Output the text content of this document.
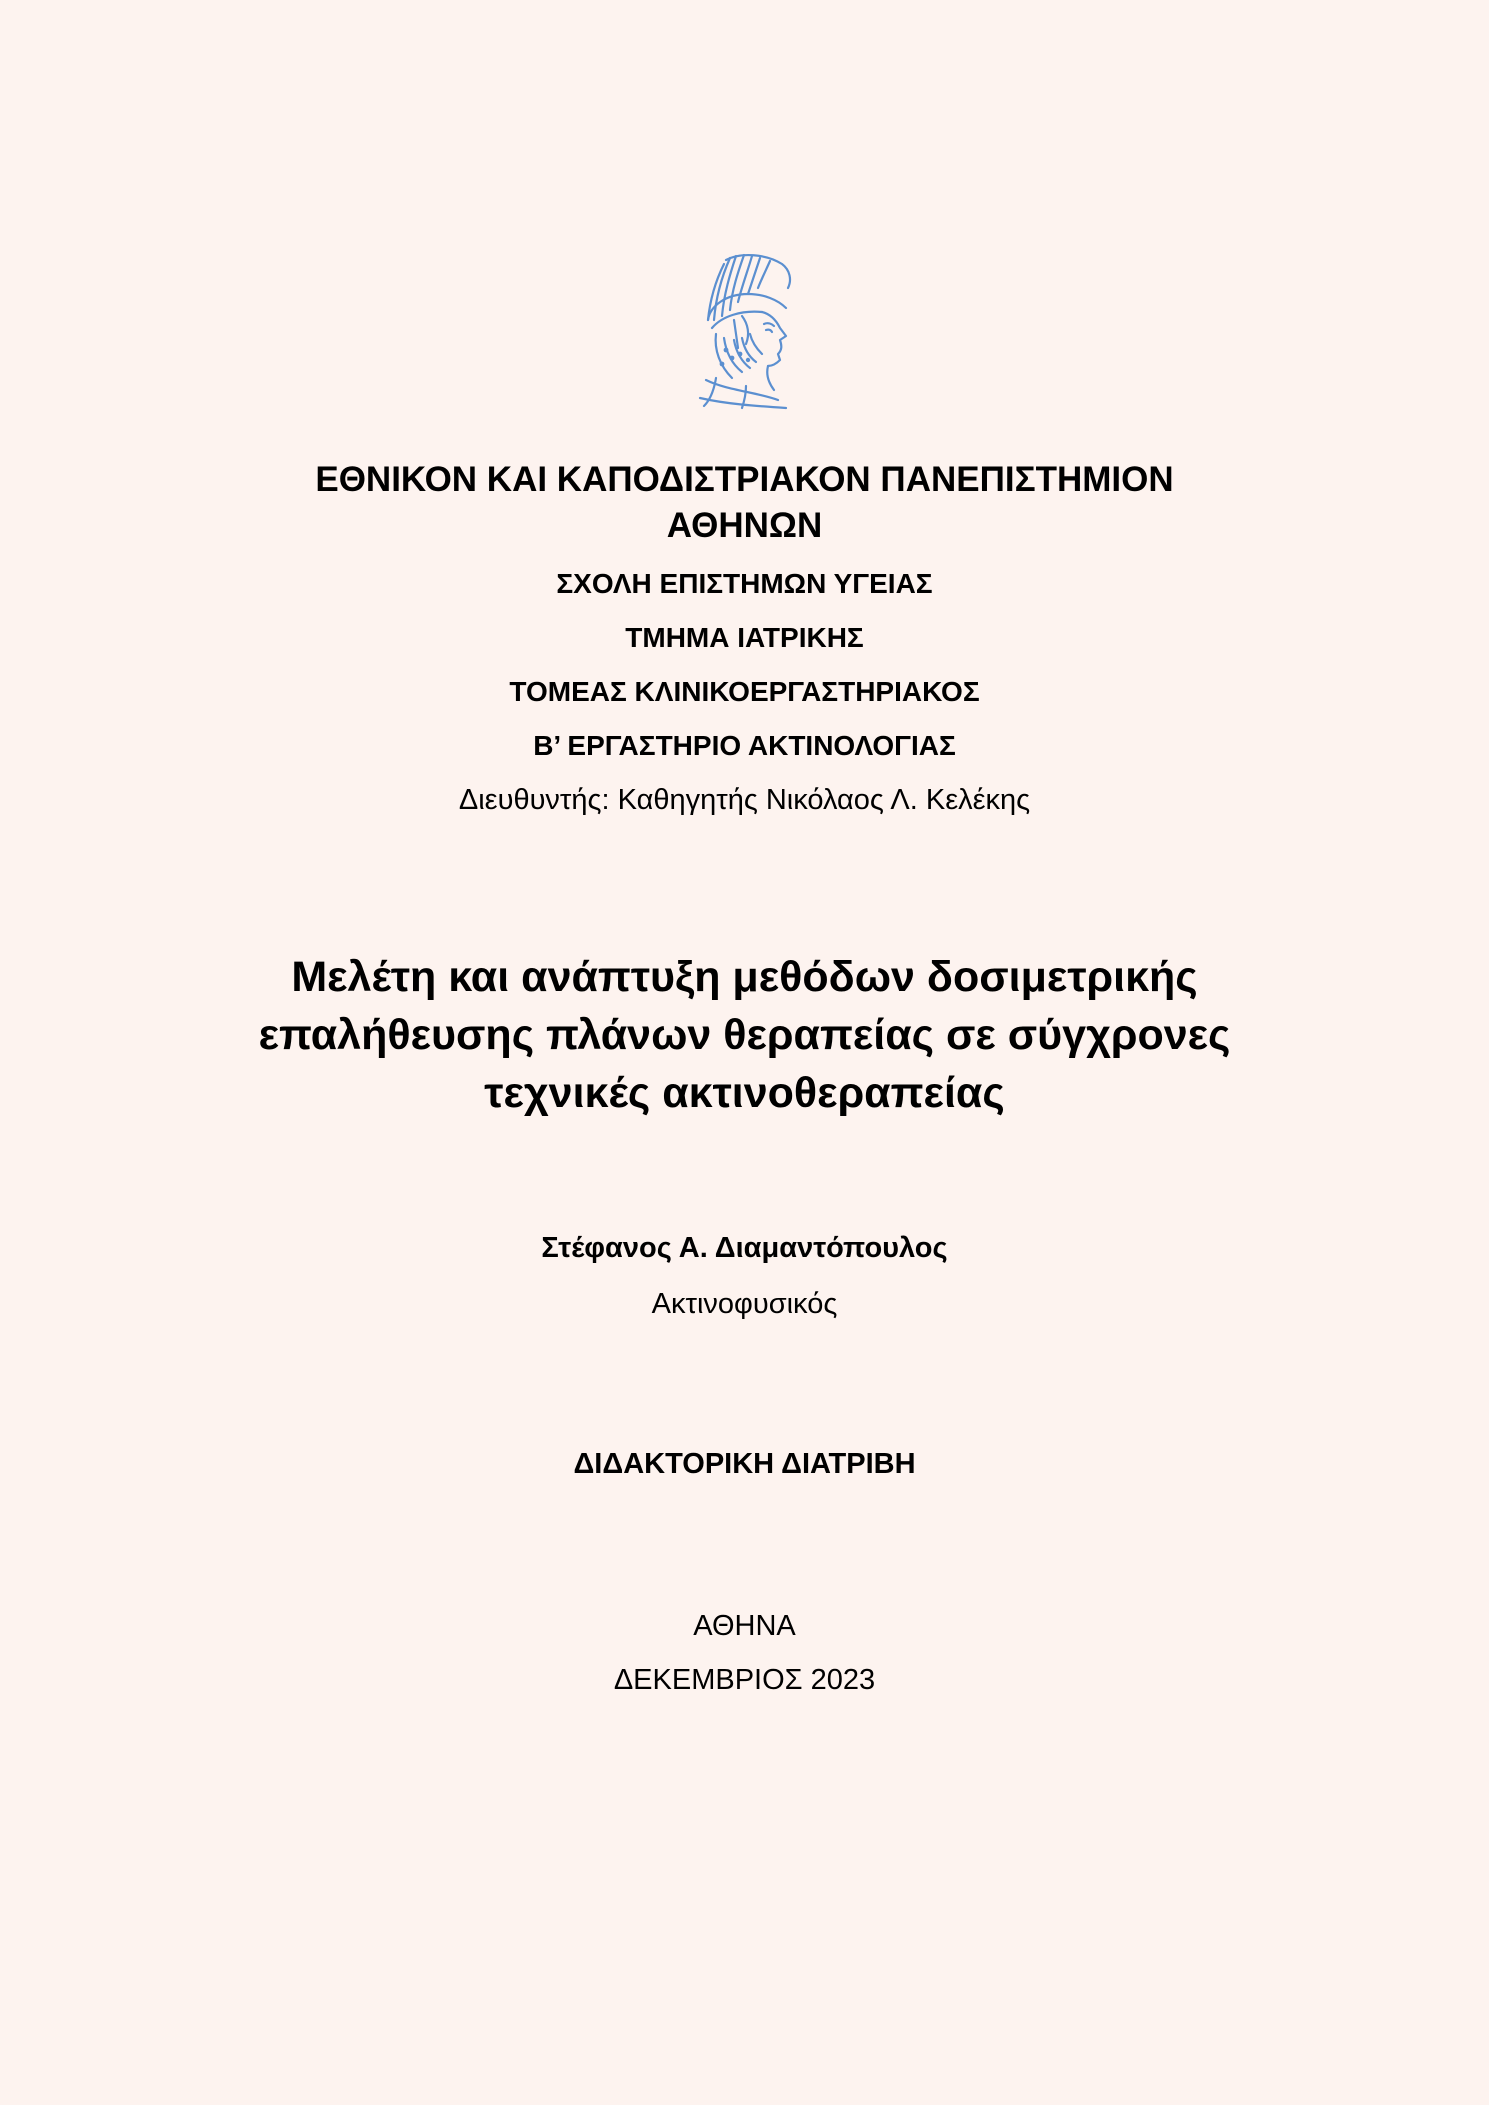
ΕΘΝΙΚΟΝ ΚΑΙ ΚΑΠΟΔΙΣΤΡΙΑΚΟΝ ΠΑΝΕΠΙΣΤΗΜΙΟΝ
ΑΘΗΝΩΝ
ΣΧΟΛΗ ΕΠΙΣΤΗΜΩΝ ΥΓΕΙΑΣ
ΤΜΗΜΑ ΙΑΤΡΙΚΗΣ
ΤΟΜΕΑΣ ΚΛΙΝΙΚΟΕΡΓΑΣΤΗΡΙΑΚΟΣ
Β’ ΕΡΓΑΣΤΗΡΙΟ ΑΚΤΙΝΟΛΟΓΙΑΣ
Διευθυντής: Καθηγητής Νικόλαος Λ. Κελέκης
Μελέτη και ανάπτυξη μεθόδων δοσιμετρικής
επαλήθευσης πλάνων θεραπείας σε σύγχρονες
τεχνικές ακτινοθεραπείας
Στέφανος Α. Διαμαντόπουλος
Ακτινοφυσικός
ΔΙΔΑΚΤΟΡΙΚΗ ΔΙΑΤΡΙΒΗ
ΑΘΗΝΑ
ΔΕΚΕΜΒΡΙΟΣ 2023
